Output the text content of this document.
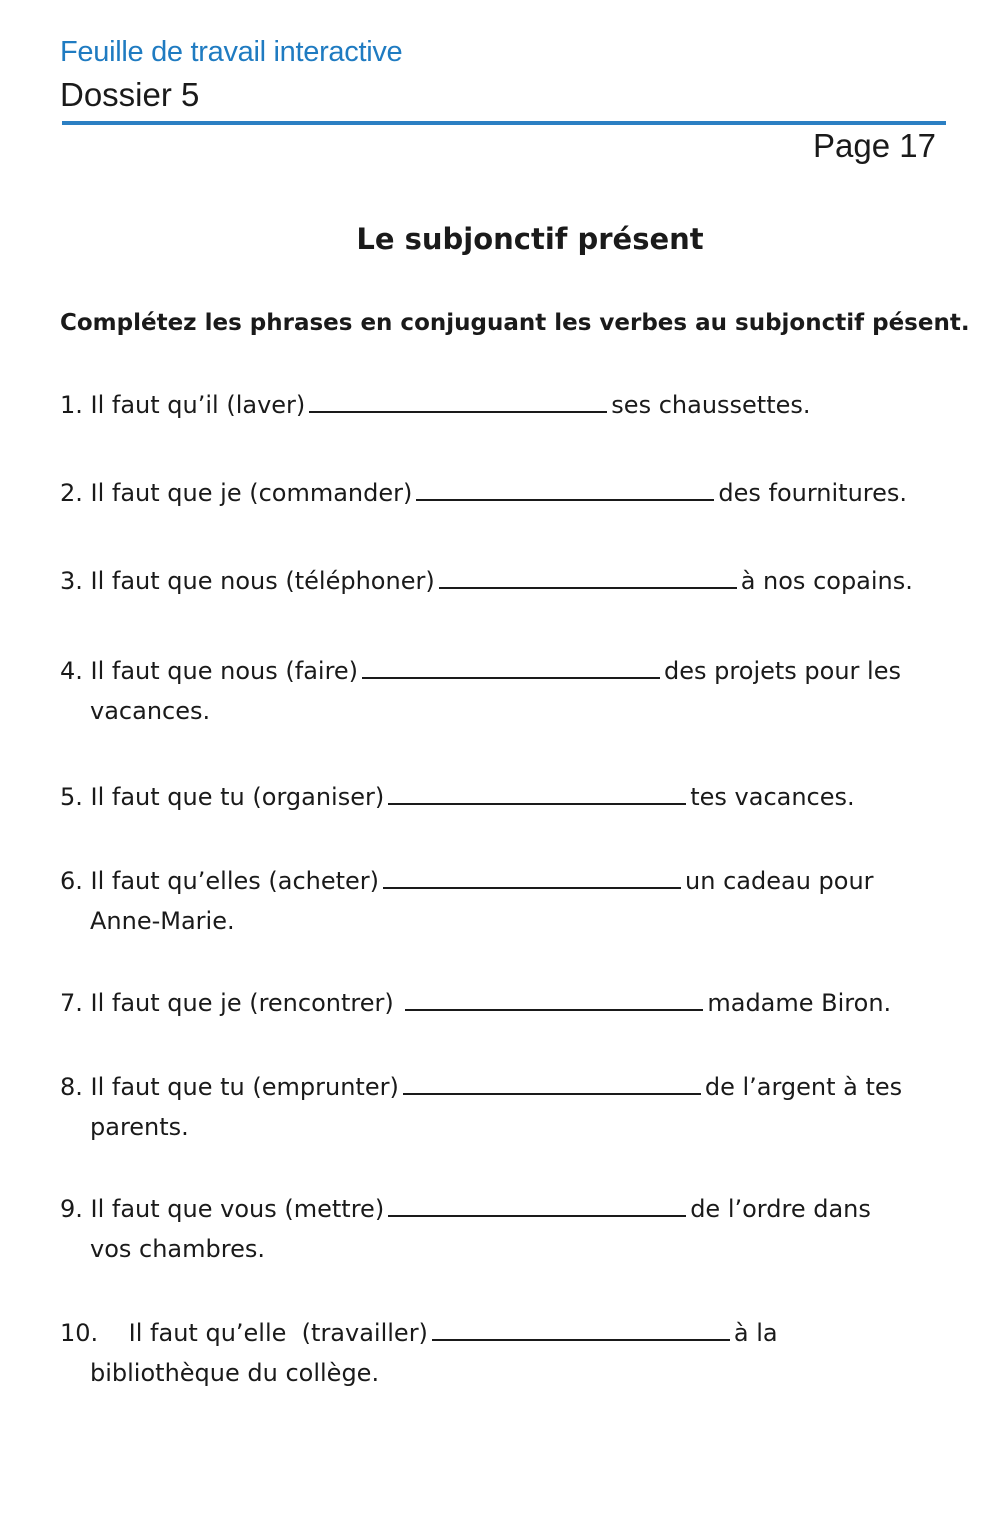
Feuille de travail interactive
Dossier 5
Page 17
Le subjonctif présent
Complétez les phrases en conjuguant les verbes au subjonctif pésent.
1. Il faut qu’il (laver)	ses chaussettes.
2. Il faut que je (commander)	des fournitures.
3. Il faut que nous (téléphoner)	à nos copains.
4. Il faut que nous (faire)	des projets pour les
vacances.
5. Il faut que tu (organiser)	tes vacances.
6. Il faut qu’elles (acheter)	un cadeau pour
Anne-Marie.
7. Il faut que je (rencontrer)	madame Biron.
8. Il faut que tu (emprunter)	de l’argent à tes
parents.
9. Il faut que vous (mettre)	de l’ordre dans
vos chambres.
10.    Il faut qu’elle  (travailler)	à la
bibliothèque du collège.
